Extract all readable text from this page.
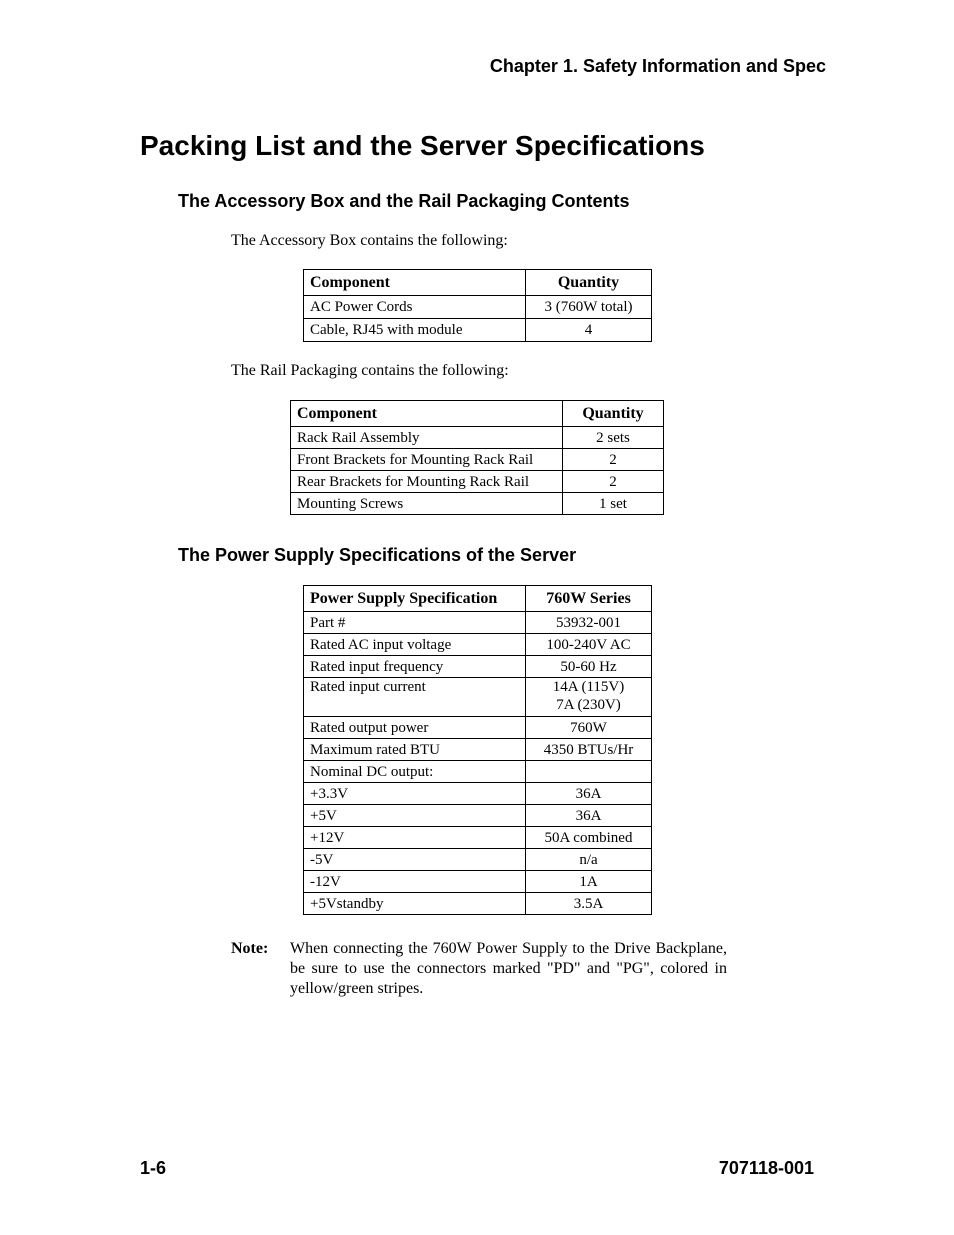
Chapter 1. Safety Information and Spec
Packing List and the Server Specifications
The Accessory Box and the Rail Packaging Contents
The Accessory Box contains the following:
Component	Quantity
AC Power Cords	3 (760W total)
Cable, RJ45 with module	4
The Rail Packaging contains the following:
Component	Quantity
Rack Rail Assembly	2 sets
Front Brackets for Mounting Rack Rail	2
Rear Brackets for Mounting Rack Rail	2
Mounting Screws	1 set
The Power Supply Specifications of the Server
Power Supply Specification	760W Series
Part #	53932-001
Rated AC input voltage	100-240V AC
Rated input frequency	50-60 Hz
Rated input current	14A (115V)
7A (230V)

Rated output power	760W
Maximum rated BTU	4350 BTUs/Hr
Nominal DC output:	
+3.3V	36A
+5V	36A
+12V	50A combined
-5V	n/a
-12V	1A
+5Vstandby	3.5A
Note: When connecting the 760W Power Supply to the Drive Backplane, be sure to use the connectors marked "PD" and "PG", colored in yellow/green stripes.
1-6	707118-001
